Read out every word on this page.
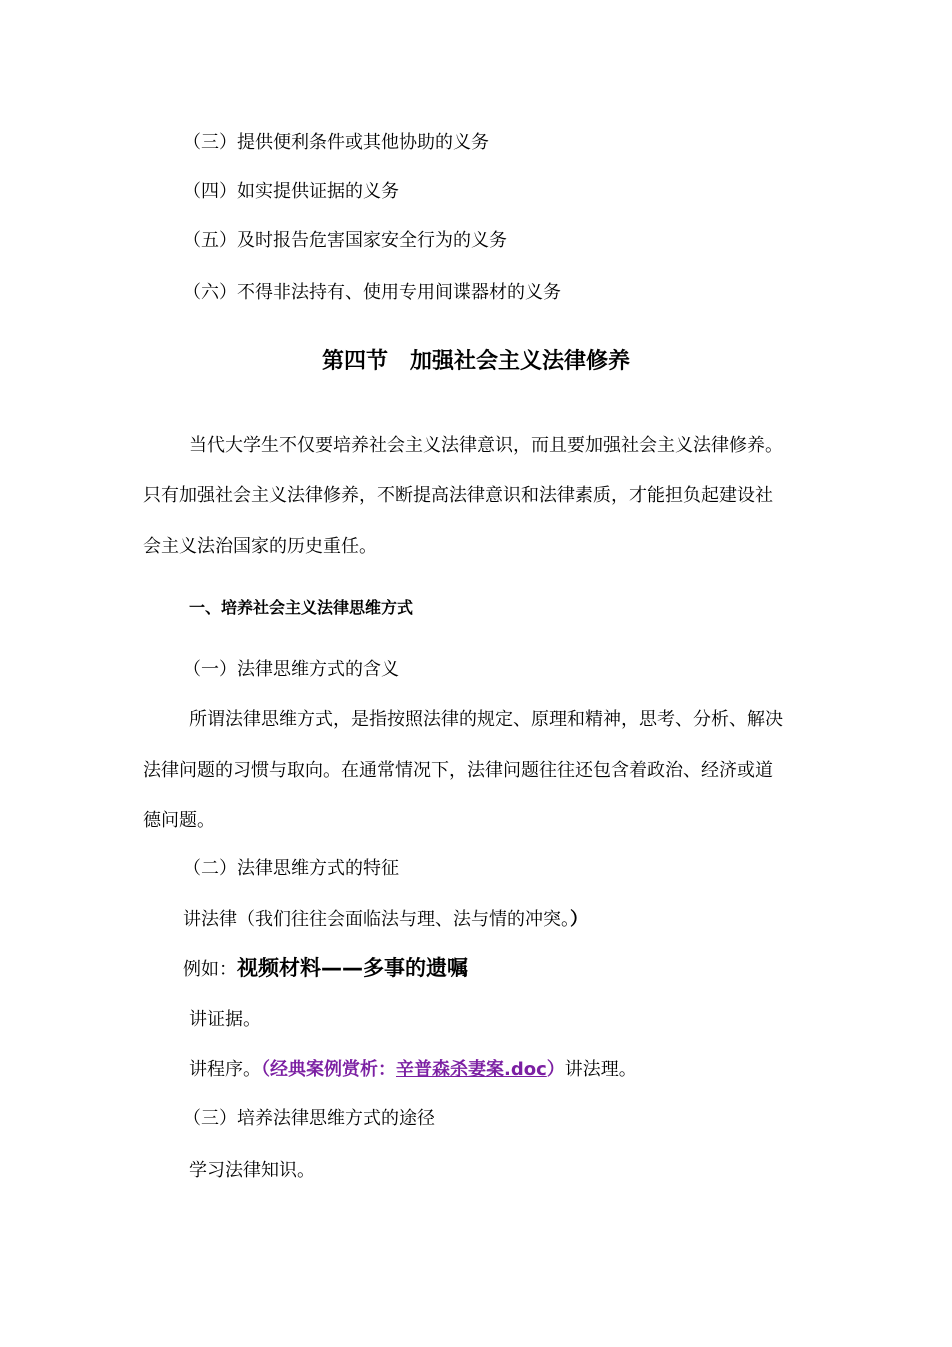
（三）提供便利条件或其他协助的义务
（四）如实提供证据的义务
（五）及时报告危害国家安全行为的义务
（六）不得非法持有、使用专用间谍器材的义务
第四节　加强社会主义法律修养
当代大学生不仅要培养社会主义法律意识，而且要加强社会主义法律修养。
只有加强社会主义法律修养，不断提高法律意识和法律素质，才能担负起建设社
会主义法治国家的历史重任。
一、培养社会主义法律思维方式
（一）法律思维方式的含义
所谓法律思维方式，是指按照法律的规定、原理和精神，思考、分析、解决
法律问题的习惯与取向。在通常情况下，法律问题往往还包含着政治、经济或道
德问题。
（二）法律思维方式的特征
讲法律（我们往往会面临法与理、法与情的冲突。）
例如：视频材料——多事的遗嘱
讲证据。
讲程序。（经典案例赏析：辛普森杀妻案.doc）讲法理。
（三）培养法律思维方式的途径
学习法律知识。
